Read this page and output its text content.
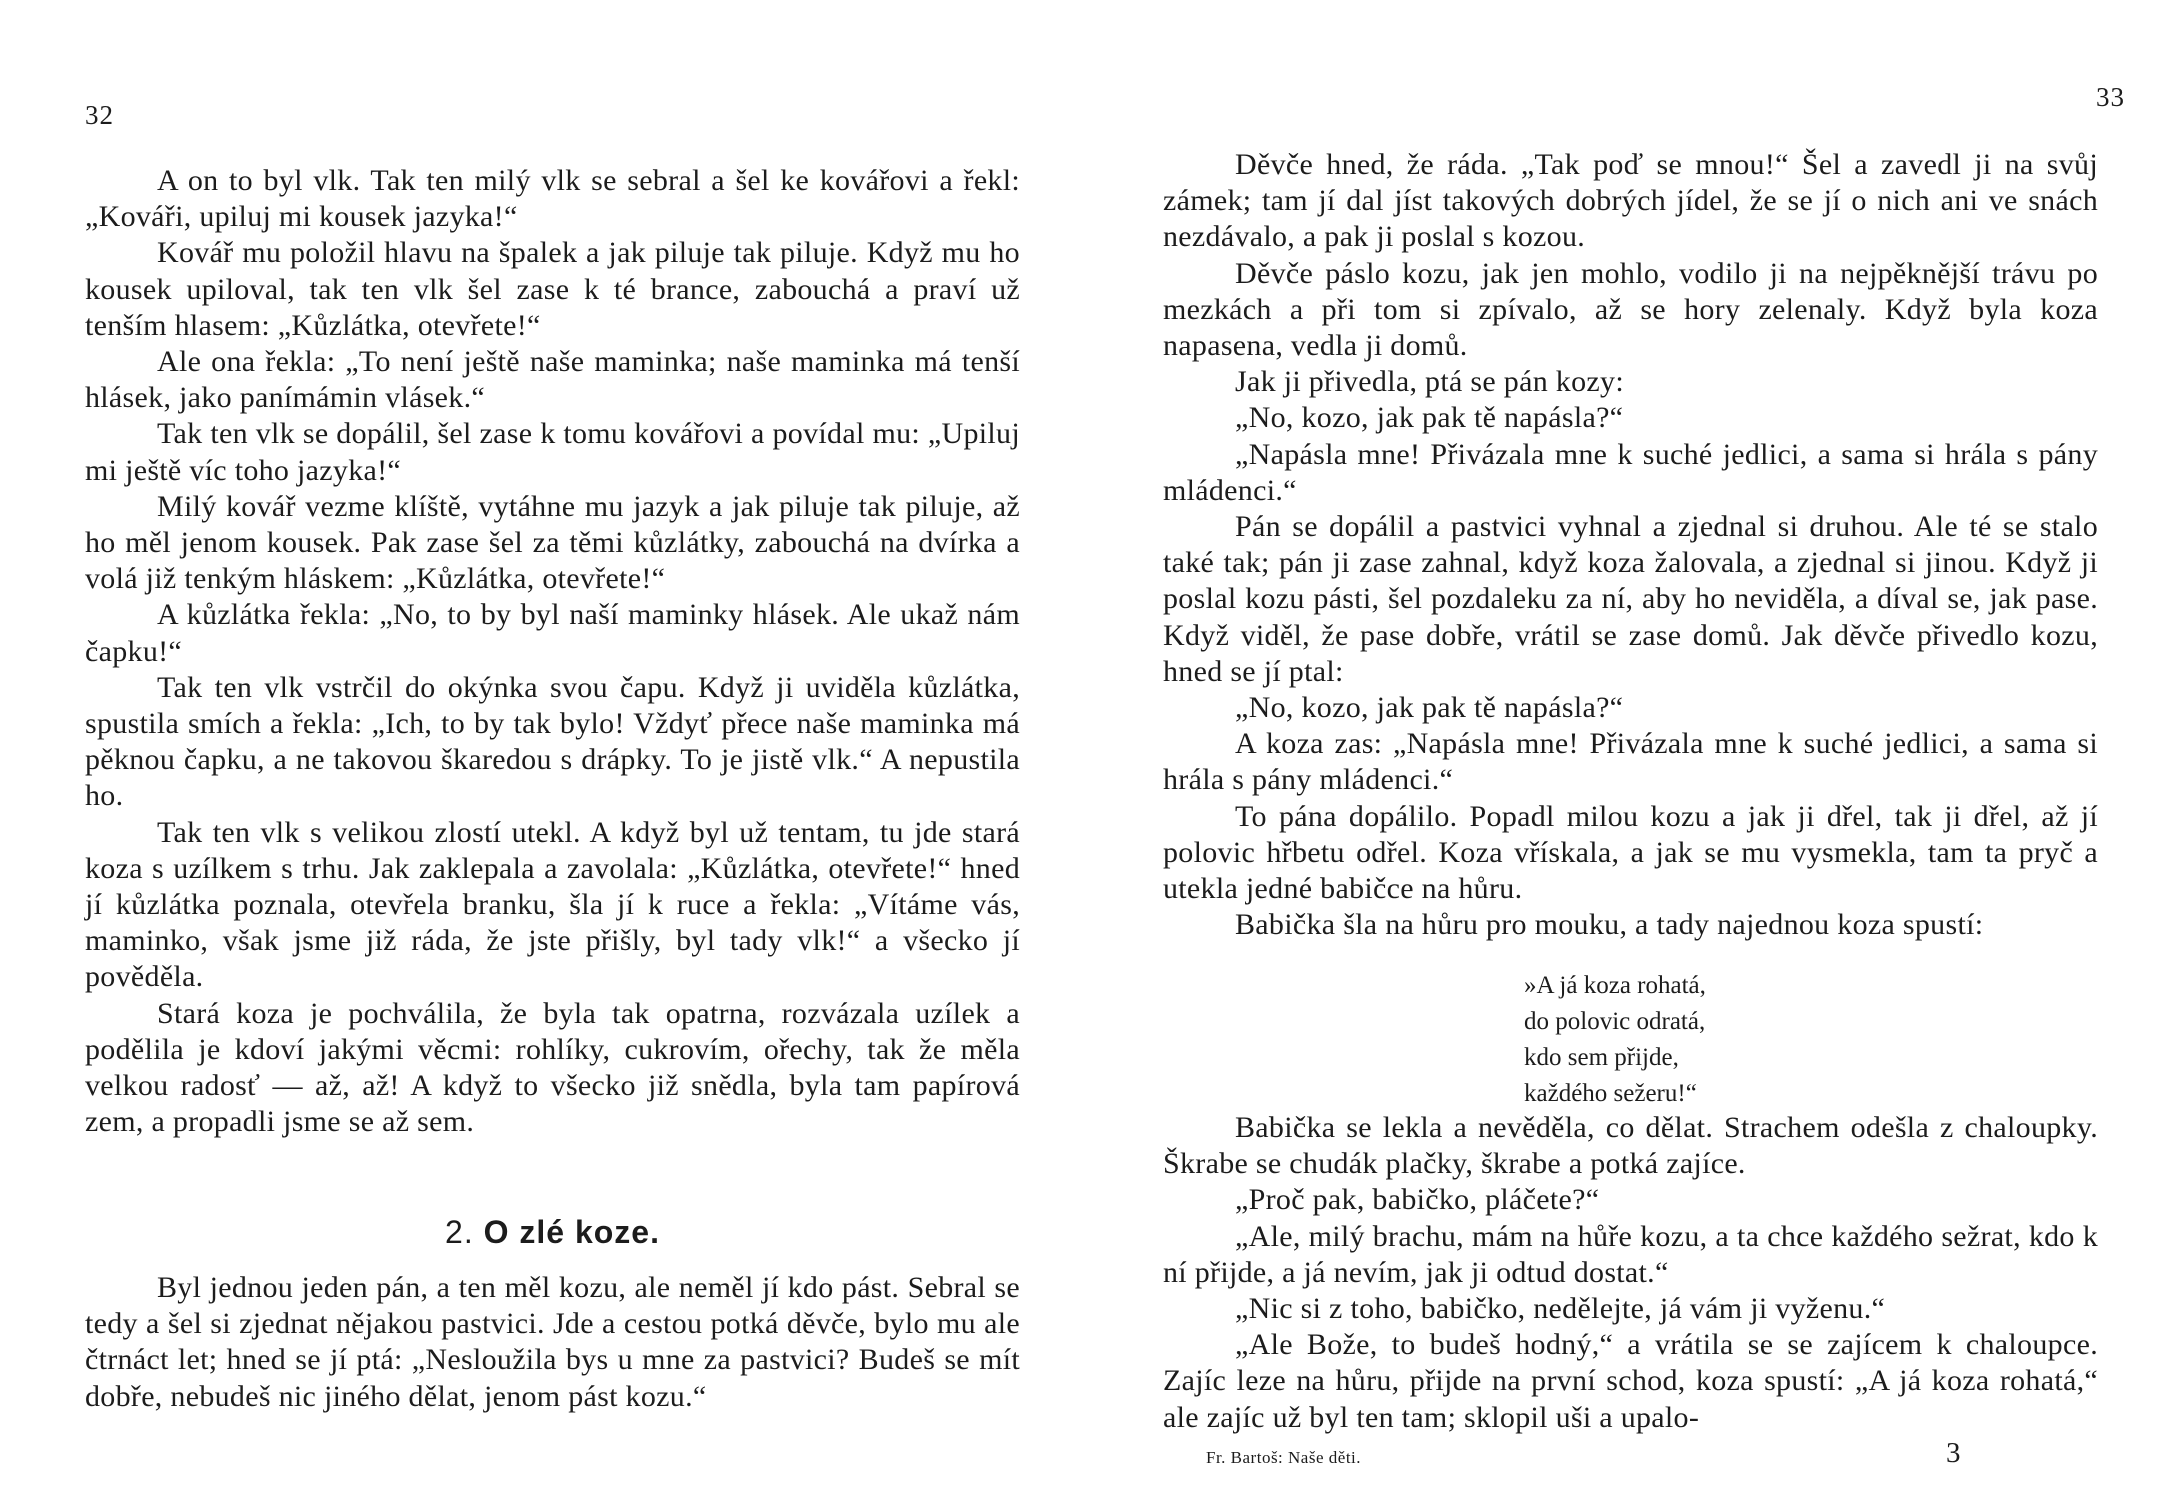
32

A on to byl vlk. Tak ten milý vlk se sebral a šel ke kovářovi a řekl: „Kováři, upiluj mi kousek jazyka!“

Kovář mu položil hlavu na špalek a jak piluje tak piluje. Když mu ho kousek upiloval, tak ten vlk šel zase k té brance, zabouchá a praví už tenším hlasem: „Kůzlátka, otevřete!“

Ale ona řekla: „To není ještě naše maminka; naše maminka má tenší hlásek, jako panímámin vlásek.“

Tak ten vlk se dopálil, šel zase k tomu kovářovi a povídal mu: „Upiluj mi ještě víc toho jazyka!“

Milý kovář vezme klíště, vytáhne mu jazyk a jak piluje tak piluje, až ho měl jenom kousek. Pak zase šel za těmi kůzlátky, zabouchá na dvírka a volá již tenkým hláskem: „Kůzlátka, otevřete!“

A kůzlátka řekla: „No, to by byl naší maminky hlásek. Ale ukaž nám čapku!“

Tak ten vlk vstrčil do okýnka svou čapu. Když ji uviděla kůzlátka, spustila smích a řekla: „Ich, to by tak bylo! Vždyť přece naše maminka má pěknou čapku, a ne takovou škaredou s drápky. To je jistě vlk.“ A nepustila ho.

Tak ten vlk s velikou zlostí utekl. A když byl už tentam, tu jde stará koza s uzílkem s trhu. Jak zaklepala a zavolala: „Kůzlátka, otevřete!“ hned jí kůzlátka poznala, otevřela branku, šla jí k ruce a řekla: „Vítáme vás, maminko, však jsme již ráda, že jste přišly, byl tady vlk!“ a všecko jí pověděla.

Stará koza je pochválila, že byla tak opatrna, rozvázala uzílek a podělila je kdoví jakými věcmi: rohlíky, cukrovím, ořechy, tak že měla velkou radosť — až, až! A když to všecko již snědla, byla tam papírová zem, a propadli jsme se až sem.

2. O zlé koze.

Byl jednou jeden pán, a ten měl kozu, ale neměl jí kdo pást. Sebral se tedy a šel si zjednat nějakou pastvici. Jde a cestou potká děvče, bylo mu ale čtrnáct let; hned se jí ptá: „Nesloužila bys u mne za pastvici? Budeš se mít dobře, nebudeš nic jiného dělat, jenom pást kozu.“

33

Děvče hned, že ráda. „Tak poď se mnou!“ Šel a zavedl ji na svůj zámek; tam jí dal jíst takových dobrých jídel, že se jí o nich ani ve snách nezdávalo, a pak ji poslal s kozou.

Děvče páslo kozu, jak jen mohlo, vodilo ji na nejpěknější trávu po mezkách a při tom si zpívalo, až se hory zelenaly. Když byla koza napasena, vedla ji domů.

Jak ji přivedla, ptá se pán kozy:

„No, kozo, jak pak tě napásla?“

„Napásla mne! Přivázala mne k suché jedlici, a sama si hrála s pány mládenci.“

Pán se dopálil a pastvici vyhnal a zjednal si druhou. Ale té se stalo také tak; pán ji zase zahnal, když koza žalovala, a zjednal si jinou. Když ji poslal kozu pásti, šel pozdaleku za ní, aby ho neviděla, a díval se, jak pase. Když viděl, že pase dobře, vrátil se zase domů. Jak děvče přivedlo kozu, hned se jí ptal:

„No, kozo, jak pak tě napásla?“

A koza zas: „Napásla mne! Přivázala mne k suché jedlici, a sama si hrála s pány mládenci.“

To pána dopálilo. Popadl milou kozu a jak ji dřel, tak ji dřel, až jí polovic hřbetu odřel. Koza vřískala, a jak se mu vysmekla, tam ta pryč a utekla jedné babičce na hůru.

Babička šla na hůru pro mouku, a tady najednou koza spustí:

»A já koza rohatá,
do polovic odratá,
kdo sem přijde,
každého sežeru!“

Babička se lekla a nevěděla, co dělat. Strachem odešla z chaloupky. Škrabe se chudák plačky, škrabe a potká zajíce.

„Proč pak, babičko, pláčete?“

„Ale, milý brachu, mám na hůře kozu, a ta chce každého sežrat, kdo k ní přijde, a já nevím, jak ji odtud dostat.“

„Nic si z toho, babičko, nedělejte, já vám ji vyženu.“

„Ale Bože, to budeš hodný,“ a vrátila se se zajícem k chaloupce. Zajíc leze na hůru, přijde na první schod, koza spustí: „A já koza rohatá,“ ale zajíc už byl ten tam; sklopil uši a upalo-

Fr. Bartoš: Naše děti.	3
